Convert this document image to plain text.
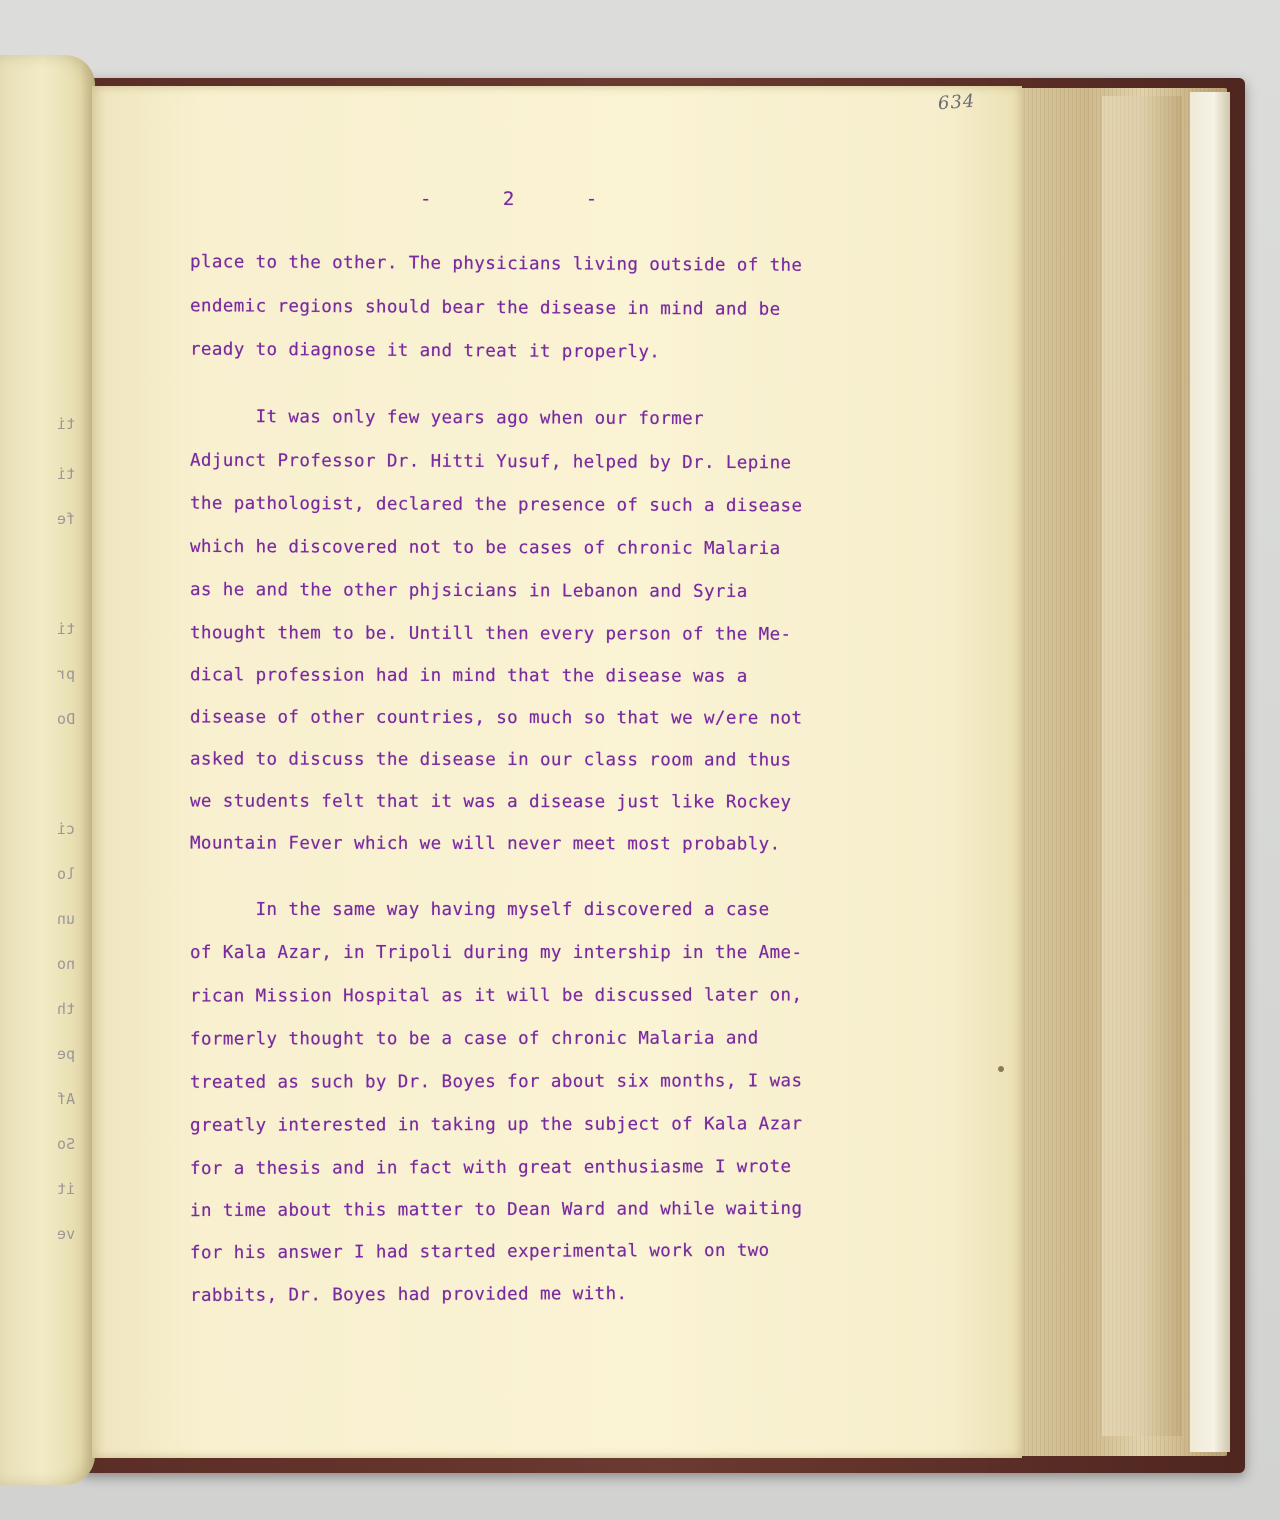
ti
ti
fe
ti
pr
Do
ci
lo
un
no
th
pe
Af
So
it
ve

634
- 2 -
place to the other. The physicians living outside of the
endemic regions should bear the disease in mind and be
ready to diagnose it and treat it properly.
It was only few years ago when our former
Adjunct Professor Dr. Hitti Yusuf, helped by Dr. Lepine
the pathologist, declared the presence of such a disease
which he discovered not to be cases of chronic Malaria
as he and the other phjsicians in Lebanon and Syria
thought them to be. Untill then every person of the Me-
dical profession had in mind that the disease was a
disease of other countries, so much so that we w/ere not
asked to discuss the disease in our class room and thus
we students felt that it was a disease just like Rockey
Mountain Fever which we will never meet most probably.
In the same way having myself discovered a case
of Kala Azar, in Tripoli during my intership in the Ame-
rican Mission Hospital as it will be discussed later on,
formerly thought to be a case of chronic Malaria and
treated as such by Dr. Boyes for about six months, I was
greatly interested in taking up the subject of Kala Azar
for a thesis and in fact with great enthusiasme I wrote
in time about this matter to Dean Ward and while waiting
for his answer I had started experimental work on two
rabbits, Dr. Boyes had provided me with.
